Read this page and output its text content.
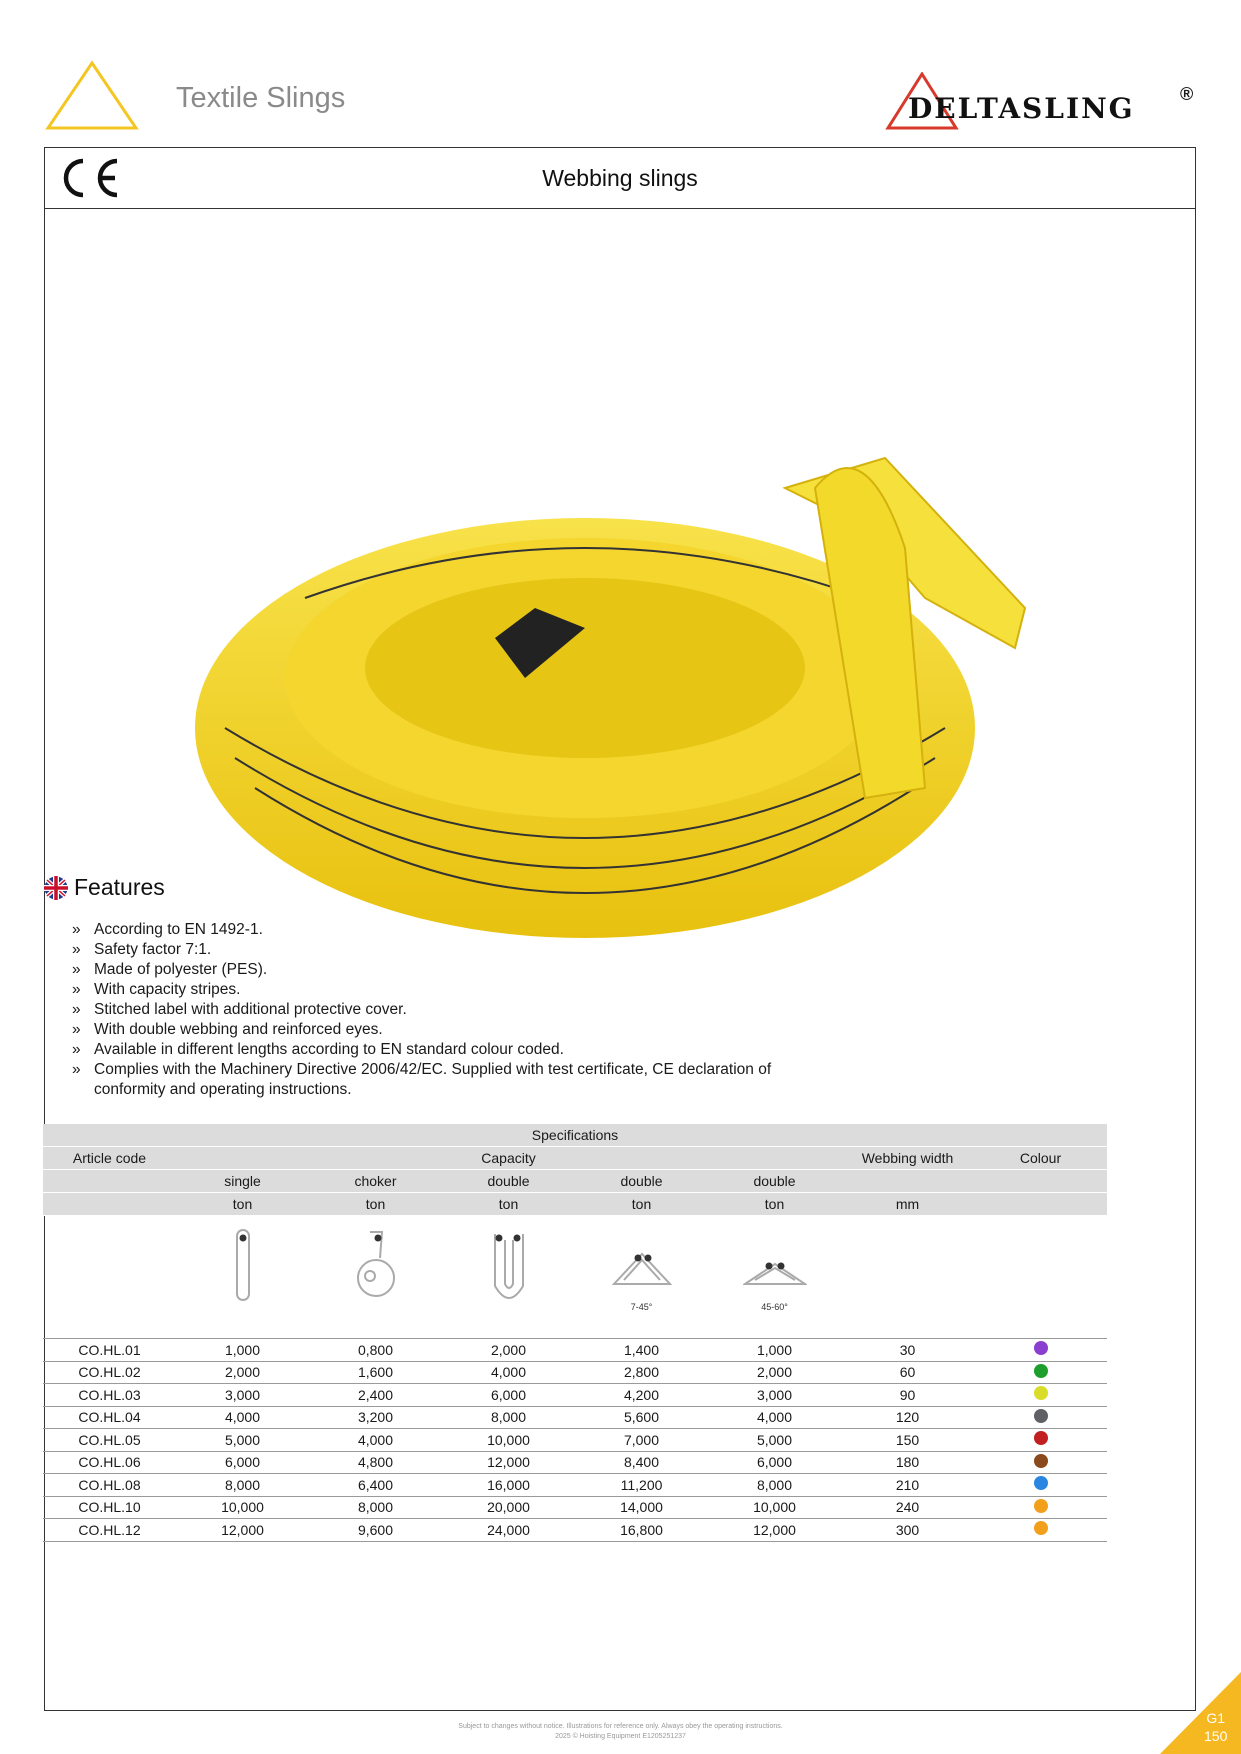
Textile Slings	DELTASLING	®
Webbing slings
Features
» According to EN 1492-1.
» Safety factor 7:1.
» Made of polyester (PES).
» With capacity stripes.
» Stitched label with additional protective cover.
» With double webbing and reinforced eyes.
» Available in different lengths according to EN standard colour coded.
» Complies with the Machinery Directive 2006/42/EC. Supplied with test certificate, CE declaration of conformity and operating instructions.
Specifications							
Article code	Capacity					Webbing width	Colour
	single	choker	double	double	double		
	ton	ton	ton	ton	ton	mm	

7-45°	45-60°		

CO.HL.01	1,000	0,800	2,000	1,400	1,000	30	
CO.HL.02	2,000	1,600	4,000	2,800	2,000	60	
CO.HL.03	3,000	2,400	6,000	4,200	3,000	90	
CO.HL.04	4,000	3,200	8,000	5,600	4,000	120	
CO.HL.05	5,000	4,000	10,000	7,000	5,000	150	
CO.HL.06	6,000	4,800	12,000	8,400	6,000	180	
CO.HL.08	8,000	6,400	16,000	11,200	8,000	210	
CO.HL.10	10,000	8,000	20,000	14,000	10,000	240	
CO.HL.12	12,000	9,600	24,000	16,800	12,000	300	
G1
150
Subject to changes without notice. Illustrations for reference only. Always obey the operating instructions.
2025 © Hoisting Equipment E1205251237
